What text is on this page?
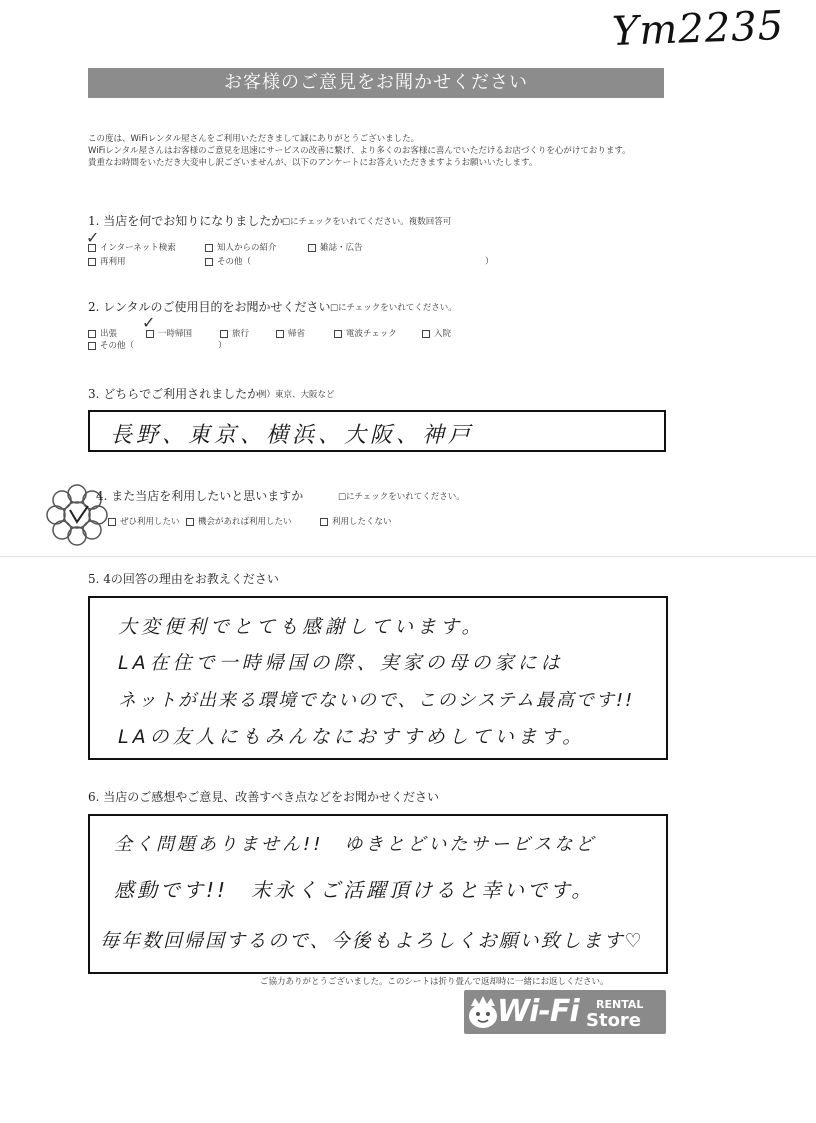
Ym2235
お客様のご意見をお聞かせください
この度は、WiFiレンタル屋さんをご利用いただきまして誠にありがとうございました。
WiFiレンタル屋さんはお客様のご意見を迅速にサービスの改善に繋げ、より多くのお客様に喜んでいただけるお店づくりを心がけております。
貴重なお時間をいただき大変申し訳ございませんが、以下のアンケートにお答えいただきますようお願いいたします。
1. 当店を何でお知りになりましたか
□にチェックをいれてください。複数回答可
インターネット検索
✓
知人からの紹介	雑誌・広告
再利用	その他（	）
2. レンタルのご使用目的をお聞かせください □にチェックをいれてください。
出張	一時帰国
✓
旅行	帰省	電波チェック	入院
その他（	）
3. どちらでご利用されましたか
例）東京、大阪など
長野、東京、横浜、大阪、神戸
4. また当店を利用したいと思いますか	□にチェックをいれてください。
ぜひ利用したい	機会があれば利用したい	利用したくない
5. 4の回答の理由をお教えください
大変便利でとても感謝しています。
LA在住で一時帰国の際、実家の母の家には
ネットが出来る環境でないので、このシステム最高です!!
LAの友人にもみんなにおすすめしています。
6. 当店のご感想やご意見、改善すべき点などをお聞かせください
全く問題ありません!!　ゆきとどいたサービスなど
感動です!!　末永くご活躍頂けると幸いです。
毎年数回帰国するので、今後もよろしくお願い致します♡
ご協力ありがとうございました。このシートは折り畳んで返却時に一緒にお返しください。
Wi-Fi RENTAL
Store
